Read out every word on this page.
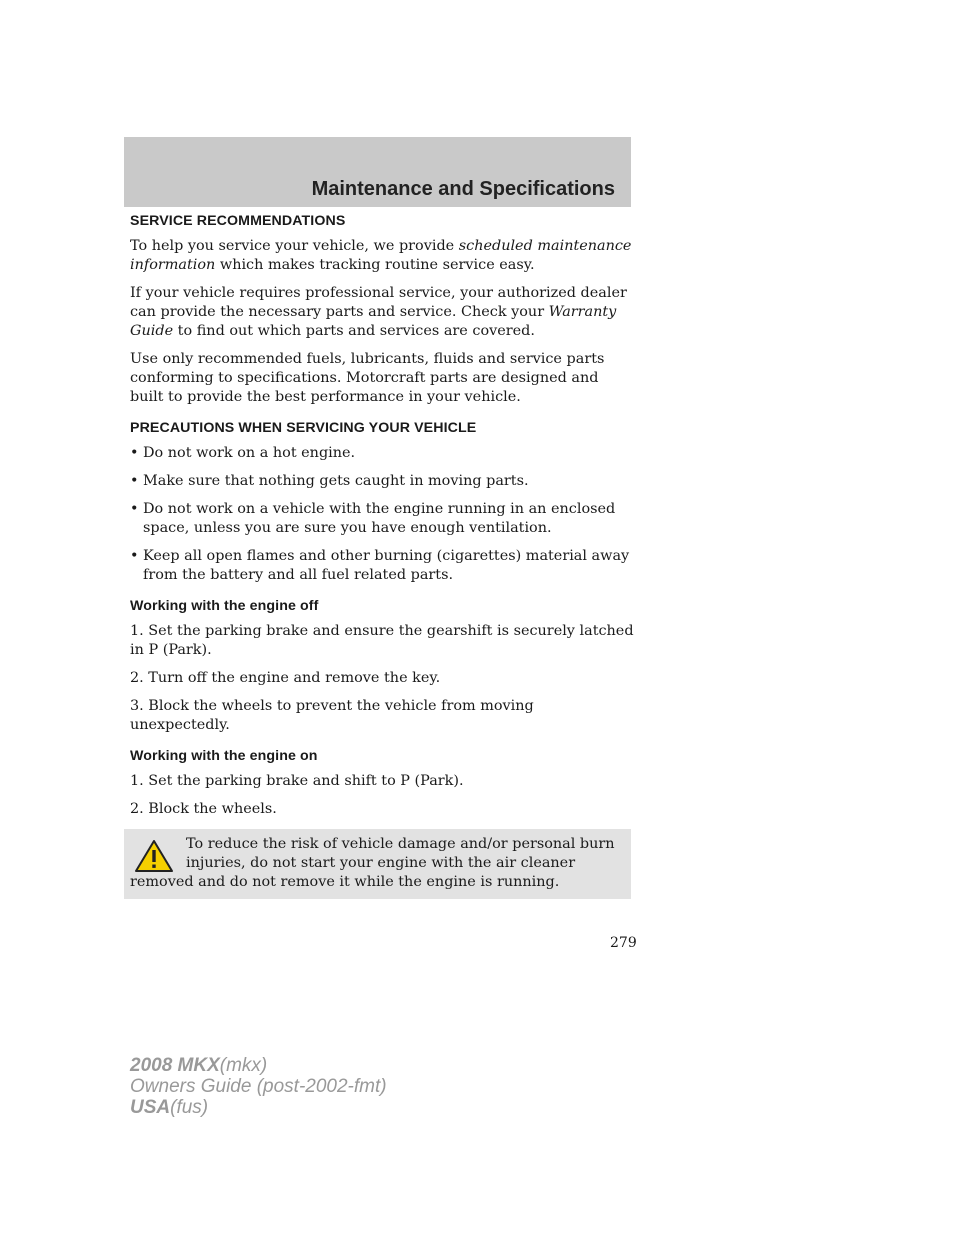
Maintenance and Specifications
SERVICE RECOMMENDATIONS

To help you service your vehicle, we provide scheduled maintenance information which makes tracking routine service easy.

If your vehicle requires professional service, your authorized dealer can provide the necessary parts and service. Check your Warranty Guide to find out which parts and services are covered.

Use only recommended fuels, lubricants, fluids and service parts conforming to specifications. Motorcraft parts are designed and built to provide the best performance in your vehicle.

PRECAUTIONS WHEN SERVICING YOUR VEHICLE
• Do not work on a hot engine.
• Make sure that nothing gets caught in moving parts.
• Do not work on a vehicle with the engine running in an enclosed space, unless you are sure you have enough ventilation.
• Keep all open flames and other burning (cigarettes) material away from the battery and all fuel related parts.
Working with the engine off
1. Set the parking brake and ensure the gearshift is securely latched in P (Park).
2. Turn off the engine and remove the key.
3. Block the wheels to prevent the vehicle from moving unexpectedly.
Working with the engine on
1. Set the parking brake and shift to P (Park).
2. Block the wheels.
To reduce the risk of vehicle damage and/or personal burn injuries, do not start your engine with the air cleaner removed and do not remove it while the engine is running.
279
2008 MKX(mkx)
Owners Guide (post-2002-fmt)
USA(fus)
